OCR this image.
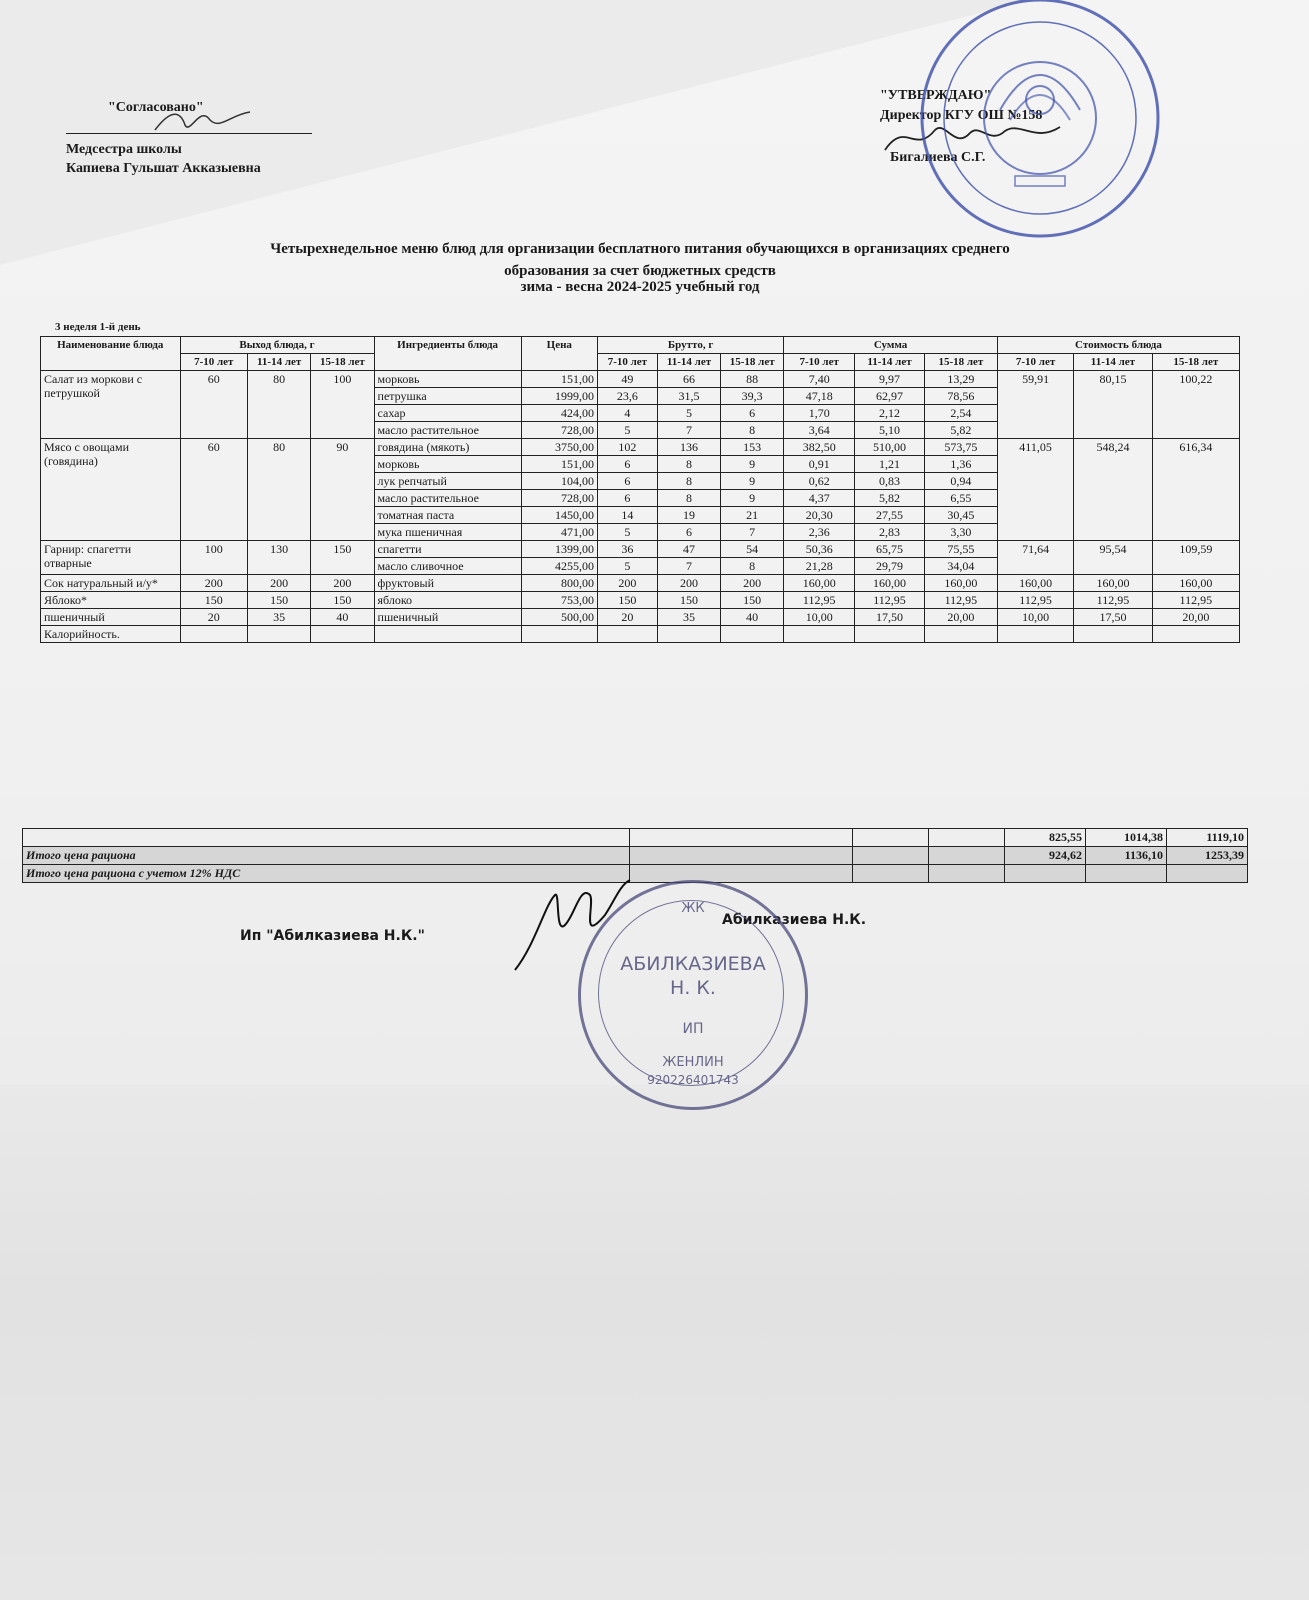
"Согласовано"
Медсестра школы
Капиева Гульшат Акказыевна
"УТВЕРЖДАЮ"
Директор КГУ ОШ №158
Бигалиева С.Г.
Четырехнедельное меню блюд для организации бесплатного питания обучающихся в организациях среднего
образования за счет бюджетных средств
зима - весна 2024-2025 учебный год
3 неделя 1-й день
Наименование блюда	Выход блюда, г			Ингредиенты блюда	Цена	Брутто, г			Сумма			Стоимость блюда		
	7-10 лет	11-14 лет	15-18 лет			7-10 лет	11-14 лет	15-18 лет	7-10 лет	11-14 лет	15-18 лет	7-10 лет	11-14 лет	15-18 лет
Салат из моркови с петрушкой	60	80	100	морковь	151,00	49	66	88	7,40	9,97	13,29	59,91	80,15	100,22
				петрушка	1999,00	23,6	31,5	39,3	47,18	62,97	78,56			
				сахар	424,00	4	5	6	1,70	2,12	2,54			
				масло растительное	728,00	5	7	8	3,64	5,10	5,82			
Мясо с овощами (говядина)	60	80	90	говядина (мякоть)	3750,00	102	136	153	382,50	510,00	573,75	411,05	548,24	616,34
				морковь	151,00	6	8	9	0,91	1,21	1,36			
				лук репчатый	104,00	6	8	9	0,62	0,83	0,94			
				масло растительное	728,00	6	8	9	4,37	5,82	6,55			
				томатная паста	1450,00	14	19	21	20,30	27,55	30,45			
				мука пшеничная	471,00	5	6	7	2,36	2,83	3,30			
Гарнир: спагетти отварные	100	130	150	спагетти	1399,00	36	47	54	50,36	65,75	75,55	71,64	95,54	109,59
				масло сливочное	4255,00	5	7	8	21,28	29,79	34,04			
Сок натуральный и/у*	200	200	200	фруктовый	800,00	200	200	200	160,00	160,00	160,00	160,00	160,00	160,00
Яблоко*	150	150	150	яблоко	753,00	150	150	150	112,95	112,95	112,95	112,95	112,95	112,95
пшеничный	20	35	40	пшеничный	500,00	20	35	40	10,00	17,50	20,00	10,00	17,50	20,00
Калорийность.														
				825,55	1014,38	1119,10
Итого цена рациона				924,62	1136,10	1253,39
Итого цена рациона с учетом 12% НДС						
Ип "Абилказиева Н.К."
Абилказиева Н.К.
ЖК
АБИЛКАЗИЕВА
Н. К.
ИП
ЖЕНЛИН
920226401743
